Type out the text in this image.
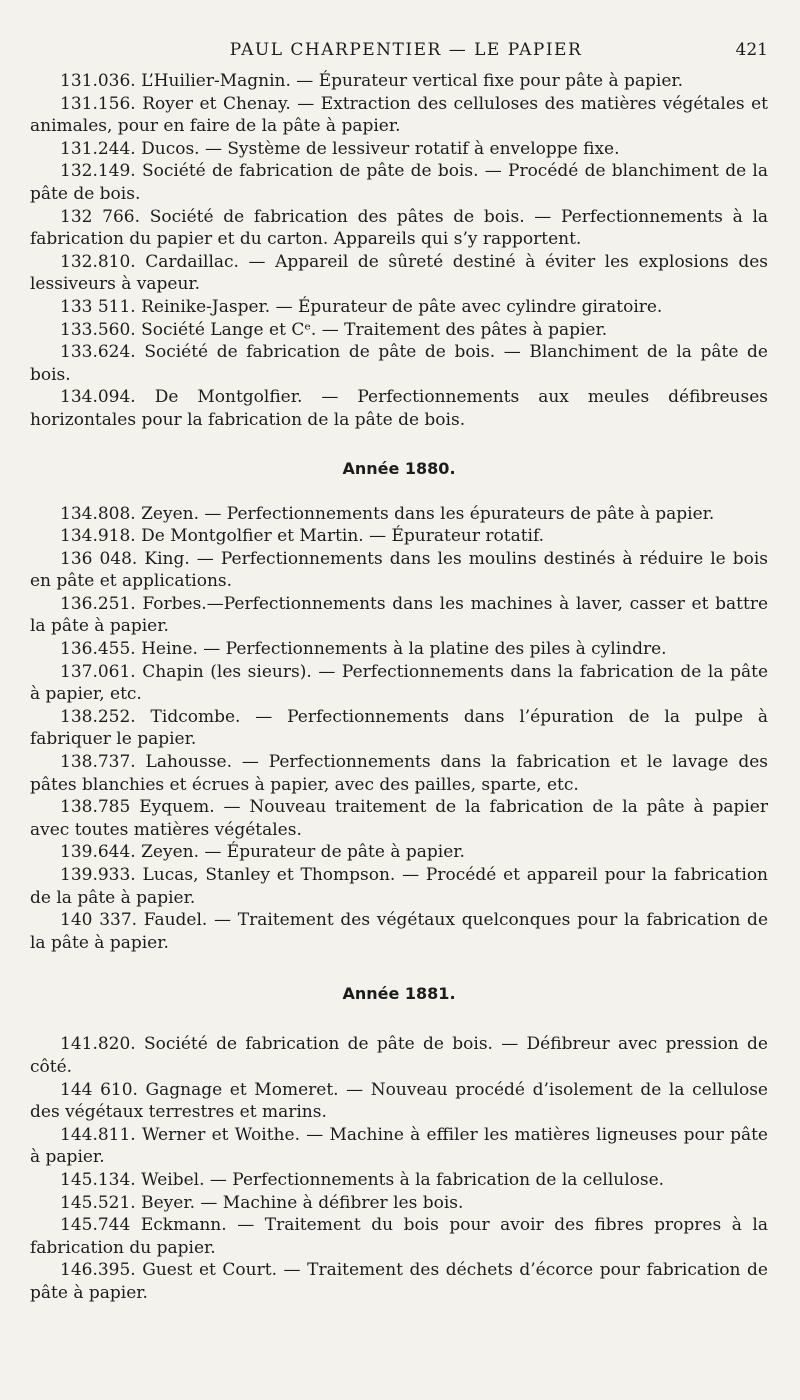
PAUL CHARPENTIER — LE PAPIER	421

131.036. L’Huilier-Magnin. — Épurateur vertical fixe pour pâte à papier.

131.156. Royer et Chenay. — Extraction des celluloses des matières végétales et animales, pour en faire de la pâte à papier.

131.244. Ducos. — Système de lessiveur rotatif à enveloppe fixe.

132.149. Société de fabrication de pâte de bois. — Procédé de blanchiment de la pâte de bois.

132 766. Société de fabrication des pâtes de bois. — Perfectionnements à la fabrication du papier et du carton. Appareils qui s’y rapportent.

132.810. Cardaillac. — Appareil de sûreté destiné à éviter les explosions des lessiveurs à vapeur.

133 511. Reinike-Jasper. — Épurateur de pâte avec cylindre giratoire.

133.560. Société Lange et Cᵉ. — Traitement des pâtes à papier.

133.624. Société de fabrication de pâte de bois. — Blanchiment de la pâte de bois.

134.094. De Montgolfier. — Perfectionnements aux meules défibreuses horizontales pour la fabrication de la pâte de bois.

Année 1880.

134.808. Zeyen. — Perfectionnements dans les épurateurs de pâte à papier.

134.918. De Montgolfier et Martin. — Épurateur rotatif.

136 048. King. — Perfectionnements dans les moulins destinés à réduire le bois en pâte et applications.

136.251. Forbes.—Perfectionnements dans les machines à laver, casser et battre la pâte à papier.

136.455. Heine. — Perfectionnements à la platine des piles à cylindre.

137.061. Chapin (les sieurs). — Perfectionnements dans la fabrication de la pâte à papier, etc.

138.252. Tidcombe. — Perfectionnements dans l’épuration de la pulpe à fabriquer le papier.

138.737. Lahousse. — Perfectionnements dans la fabrication et le lavage des pâtes blanchies et écrues à papier, avec des pailles, sparte, etc.

138.785 Eyquem. — Nouveau traitement de la fabrication de la pâte à papier avec toutes matières végétales.

139.644. Zeyen. — Épurateur de pâte à papier.

139.933. Lucas, Stanley et Thompson. — Procédé et appareil pour la fabrication de la pâte à papier.

140 337. Faudel. — Traitement des végétaux quelconques pour la fabrication de la pâte à papier.

Année 1881.

141.820. Société de fabrication de pâte de bois. — Défibreur avec pression de côté.

144 610. Gagnage et Momeret. — Nouveau procédé d’isolement de la cellulose des végétaux terrestres et marins.

144.811. Werner et Woithe. — Machine à effiler les matières ligneuses pour pâte à papier.

145.134. Weibel. — Perfectionnements à la fabrication de la cellulose.

145.521. Beyer. — Machine à défibrer les bois.

145.744 Eckmann. — Traitement du bois pour avoir des fibres propres à la fabrication du papier.

146.395. Guest et Court. — Traitement des déchets d’écorce pour fabrication de pâte à papier.
